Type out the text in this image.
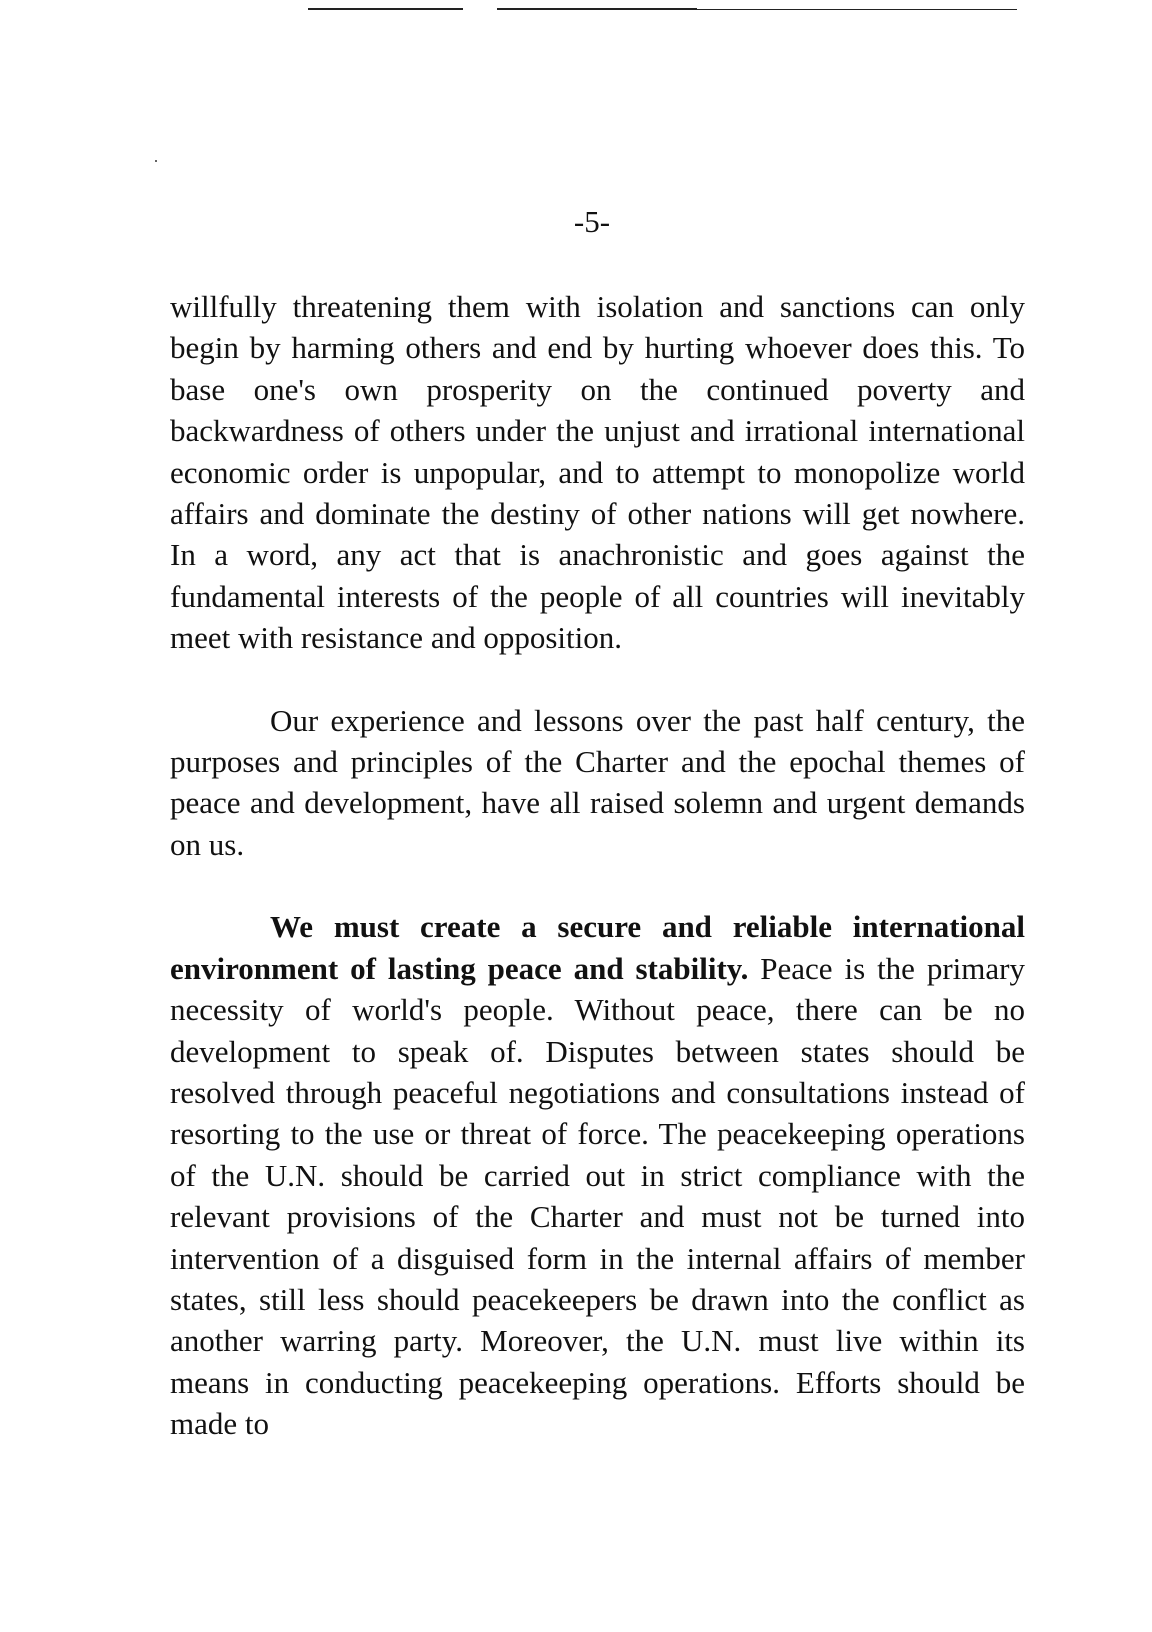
-5-

willfully threatening them with isolation and sanctions can only begin by harming others and end by hurting whoever does this. To base one's own prosperity on the continued poverty and backwardness of others under the unjust and irrational international economic order is unpopular, and to attempt to monopolize world affairs and dominate the destiny of other nations will get nowhere. In a word, any act that is anachronistic and goes against the fundamental interests of the people of all countries will inevitably meet with resistance and opposition.

Our experience and lessons over the past half century, the purposes and principles of the Charter and the epochal themes of peace and development, have all raised solemn and urgent demands on us.

We must create a secure and reliable international environment of lasting peace and stability. Peace is the primary necessity of world's people. Without peace, there can be no development to speak of. Disputes between states should be resolved through peaceful negotiations and consultations instead of resorting to the use or threat of force. The peacekeeping operations of the U.N. should be carried out in strict compliance with the relevant provisions of the Charter and must not be turned into intervention of a disguised form in the internal affairs of member states, still less should peacekeepers be drawn into the conflict as another warring party. Moreover, the U.N. must live within its means in conducting peacekeeping operations. Efforts should be made to
